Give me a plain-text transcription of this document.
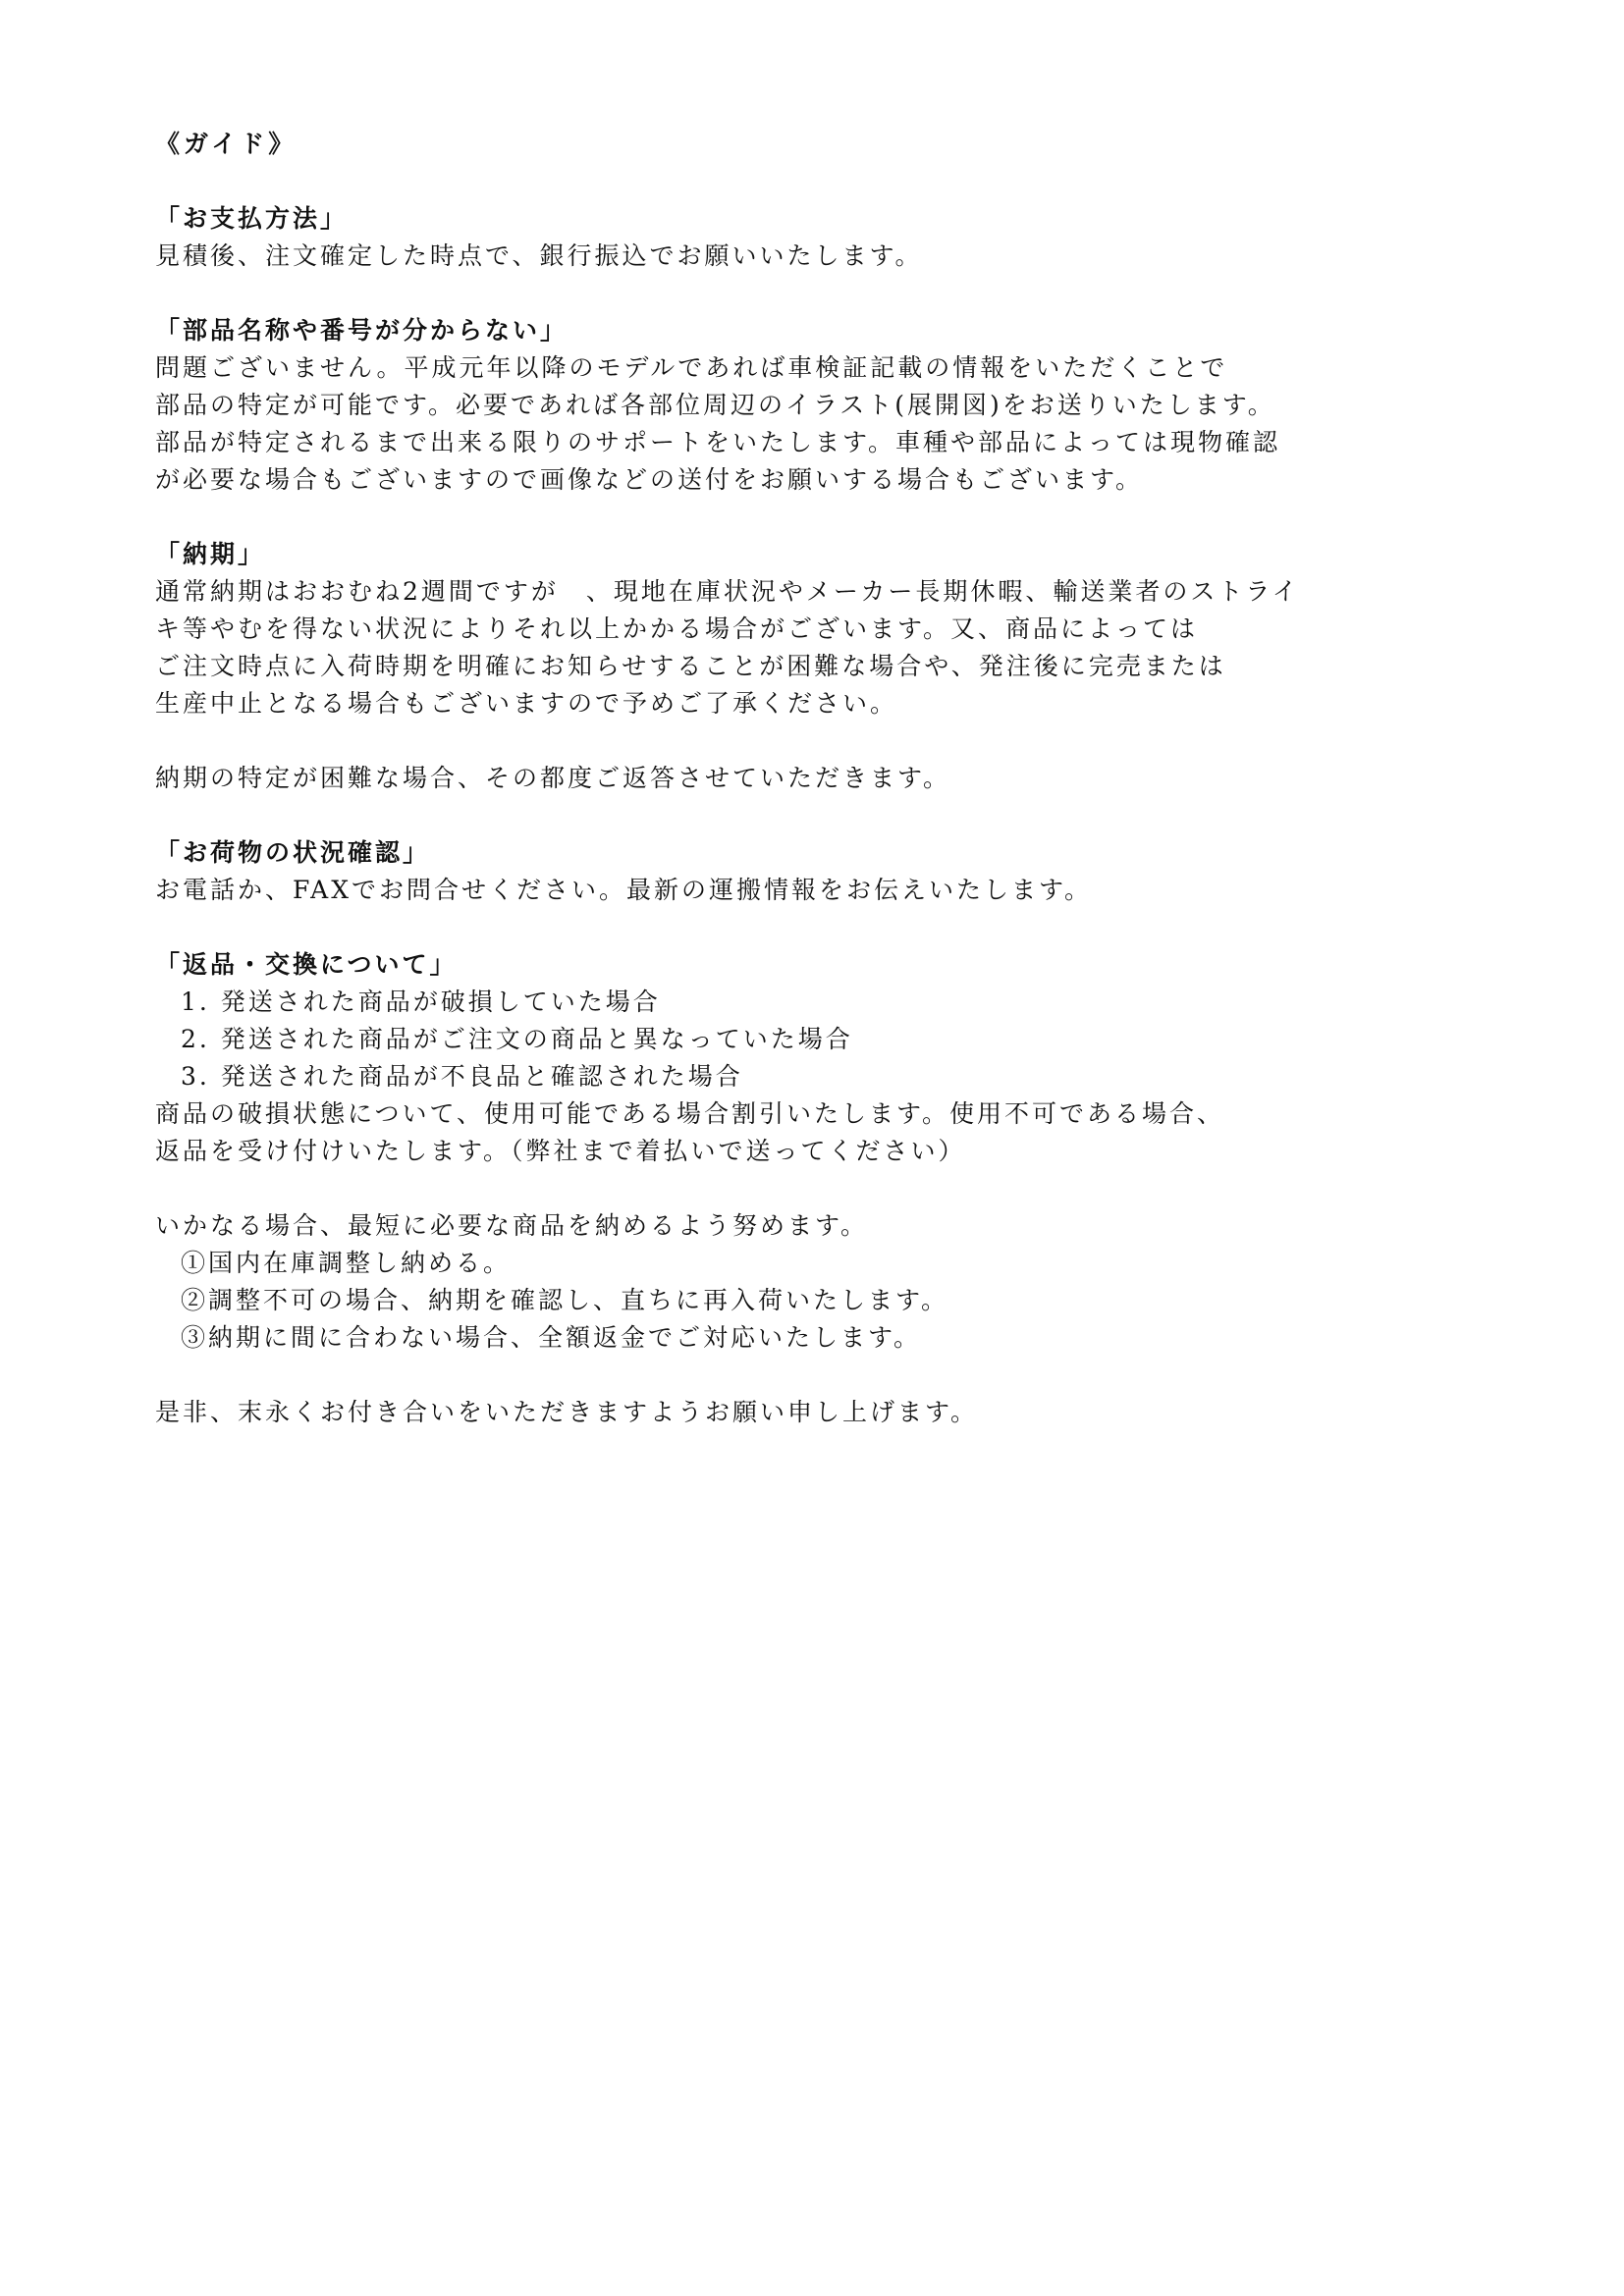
《ガイド》
「お支払方法」
見積後、注文確定した時点で、銀行振込でお願いいたします。
「部品名称や番号が分からない」
問題ございません。平成元年以降のモデルであれば車検証記載の情報をいただくことで
部品の特定が可能です。必要であれば各部位周辺のイラスト(展開図)をお送りいたします。
部品が特定されるまで出来る限りのサポートをいたします。車種や部品によっては現物確認
が必要な場合もございますので画像などの送付をお願いする場合もございます。
「納期」
通常納期はおおむね2週間ですが　、現地在庫状況やメーカー長期休暇、輸送業者のストライ
キ等やむを得ない状況によりそれ以上かかる場合がございます。又、商品によっては
ご注文時点に入荷時期を明確にお知らせすることが困難な場合や、発注後に完売または
生産中止となる場合もございますので予めご了承ください。
納期の特定が困難な場合、その都度ご返答させていただきます。
「お荷物の状況確認」
お電話か、FAXでお問合せください。最新の運搬情報をお伝えいたします。
「返品・交換について」
1. 発送された商品が破損していた場合
2. 発送された商品がご注文の商品と異なっていた場合
3. 発送された商品が不良品と確認された場合
商品の破損状態について、使用可能である場合割引いたします。使用不可である場合、
返品を受け付けいたします。（弊社まで着払いで送ってください）
いかなる場合、最短に必要な商品を納めるよう努めます。
①国内在庫調整し納める。
②調整不可の場合、納期を確認し、直ちに再入荷いたします。
③納期に間に合わない場合、全額返金でご対応いたします。
是非、末永くお付き合いをいただきますようお願い申し上げます。
